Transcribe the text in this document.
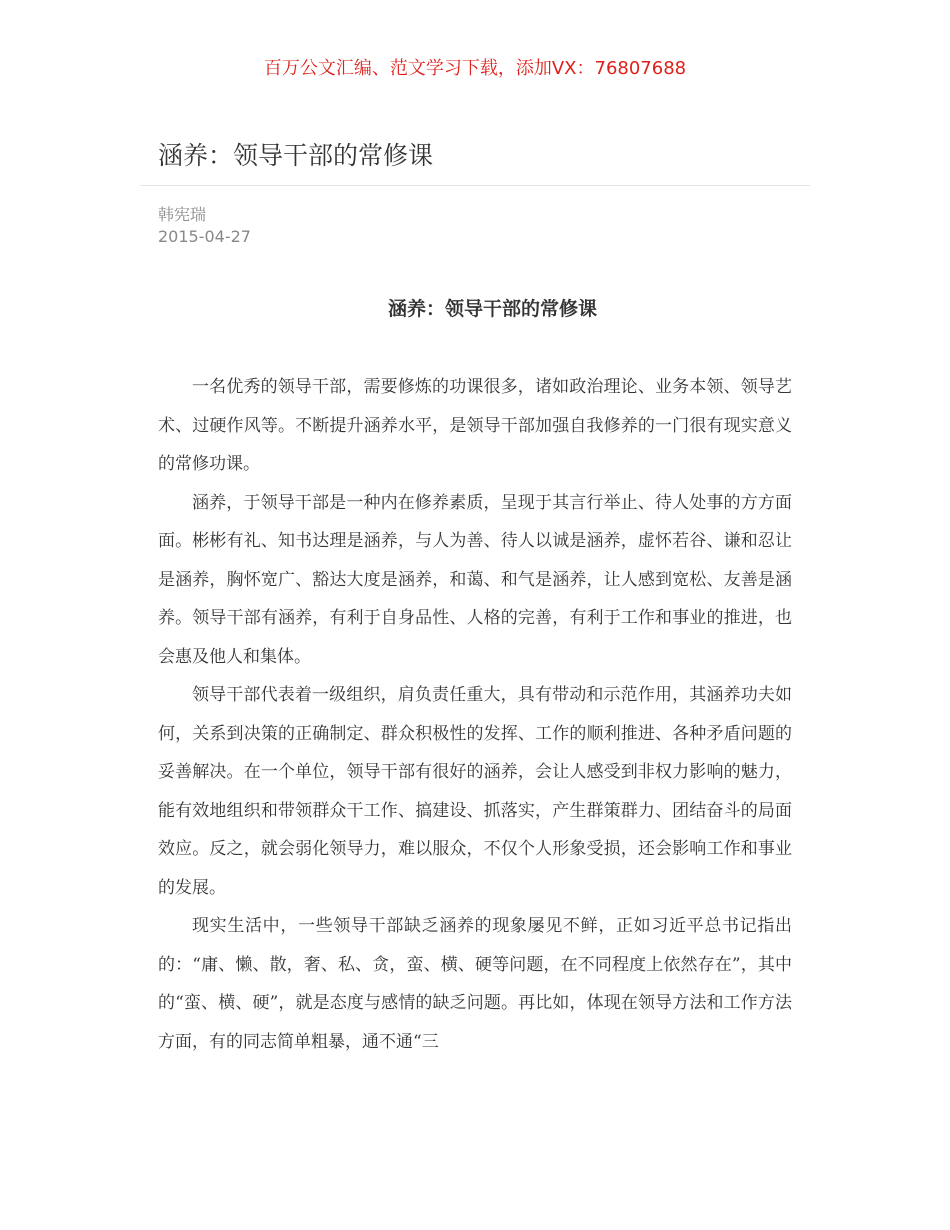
百万公文汇编、范文学习下载，添加VX：76807688
涵养：领导干部的常修课
韩宪瑞
2015-04-27
涵养：领导干部的常修课

一名优秀的领导干部，需要修炼的功课很多，诸如政治理论、业务本领、领导艺术、过硬作风等。不断提升涵养水平，是领导干部加强自我修养的一门很有现实意义的常修功课。

涵养，于领导干部是一种内在修养素质，呈现于其言行举止、待人处事的方方面面。彬彬有礼、知书达理是涵养，与人为善、待人以诚是涵养，虚怀若谷、谦和忍让是涵养，胸怀宽广、豁达大度是涵养，和蔼、和气是涵养，让人感到宽松、友善是涵养。领导干部有涵养，有利于自身品性、人格的完善，有利于工作和事业的推进，也会惠及他人和集体。

领导干部代表着一级组织，肩负责任重大，具有带动和示范作用，其涵养功夫如何，关系到决策的正确制定、群众积极性的发挥、工作的顺利推进、各种矛盾问题的妥善解决。在一个单位，领导干部有很好的涵养，会让人感受到非权力影响的魅力，能有效地组织和带领群众干工作、搞建设、抓落实，产生群策群力、团结奋斗的局面效应。反之，就会弱化领导力，难以服众，不仅个人形象受损，还会影响工作和事业的发展。

现实生活中，一些领导干部缺乏涵养的现象屡见不鲜，正如习近平总书记指出的：“庸、懒、散，奢、私、贪，蛮、横、硬等问题，在不同程度上依然存在”，其中的“蛮、横、硬”，就是态度与感情的缺乏问题。再比如，体现在领导方法和工作方法方面，有的同志简单粗暴，通不通“三
